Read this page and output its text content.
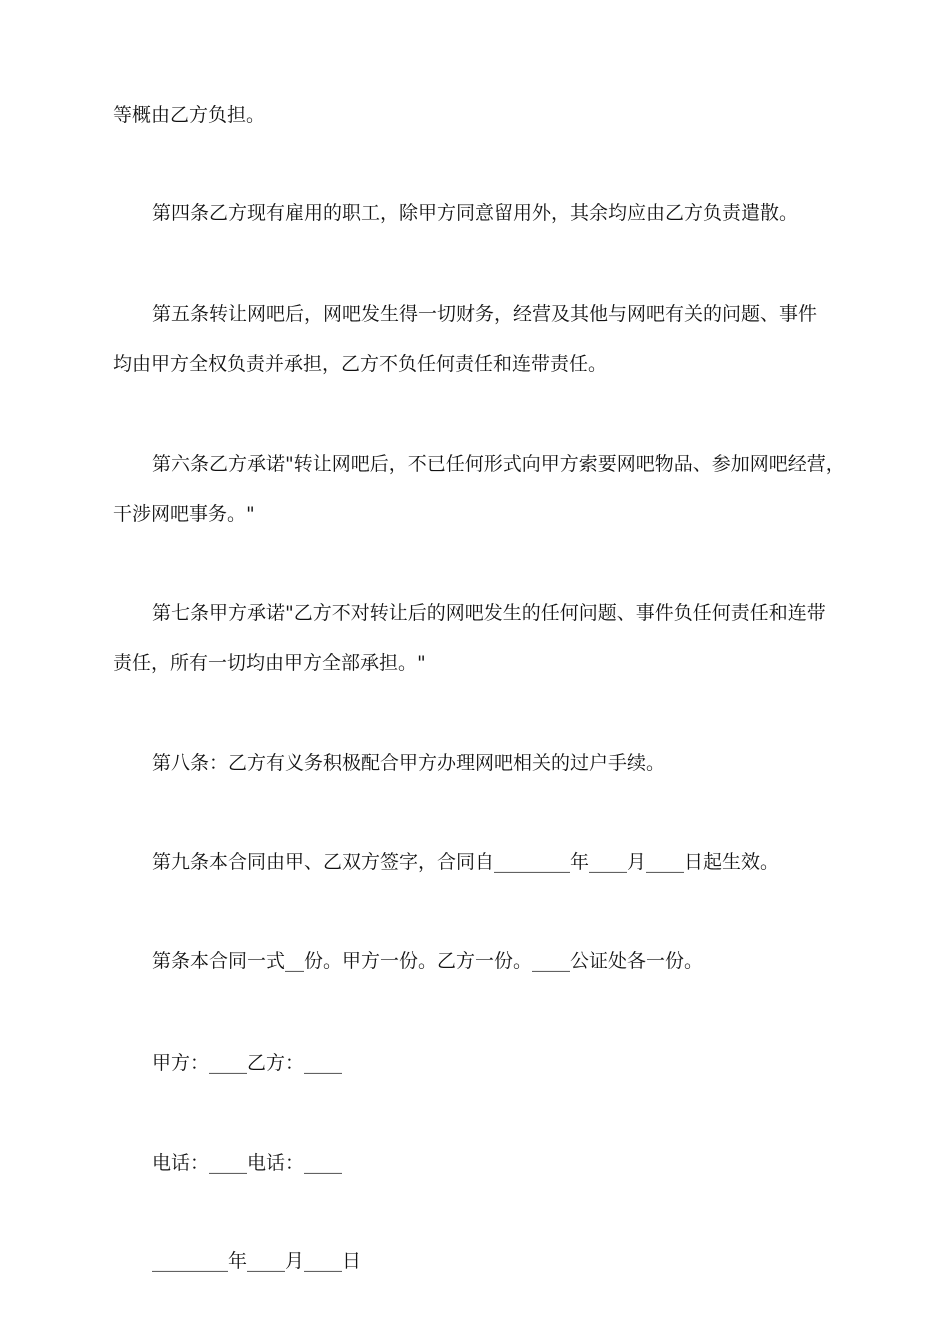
等概由乙方负担。
第四条乙方现有雇用的职工，除甲方同意留用外，其余均应由乙方负责遣散。
第五条转让网吧后，网吧发生得一切财务，经营及其他与网吧有关的问题、事件
均由甲方全权负责并承担，乙方不负任何责任和连带责任。
第六条乙方承诺"转让网吧后，不已任何形式向甲方索要网吧物品、参加网吧经营，
干涉网吧事务。"
第七条甲方承诺"乙方不对转让后的网吧发生的任何问题、事件负任何责任和连带
责任，所有一切均由甲方全部承担。"
第八条：乙方有义务积极配合甲方办理网吧相关的过户手续。
第九条本合同由甲、乙双方签字，合同自________年____月____日起生效。
第条本合同一式__份。甲方一份。乙方一份。____公证处各一份。
甲方：____乙方：____
电话：____电话：____
________年____月____日
